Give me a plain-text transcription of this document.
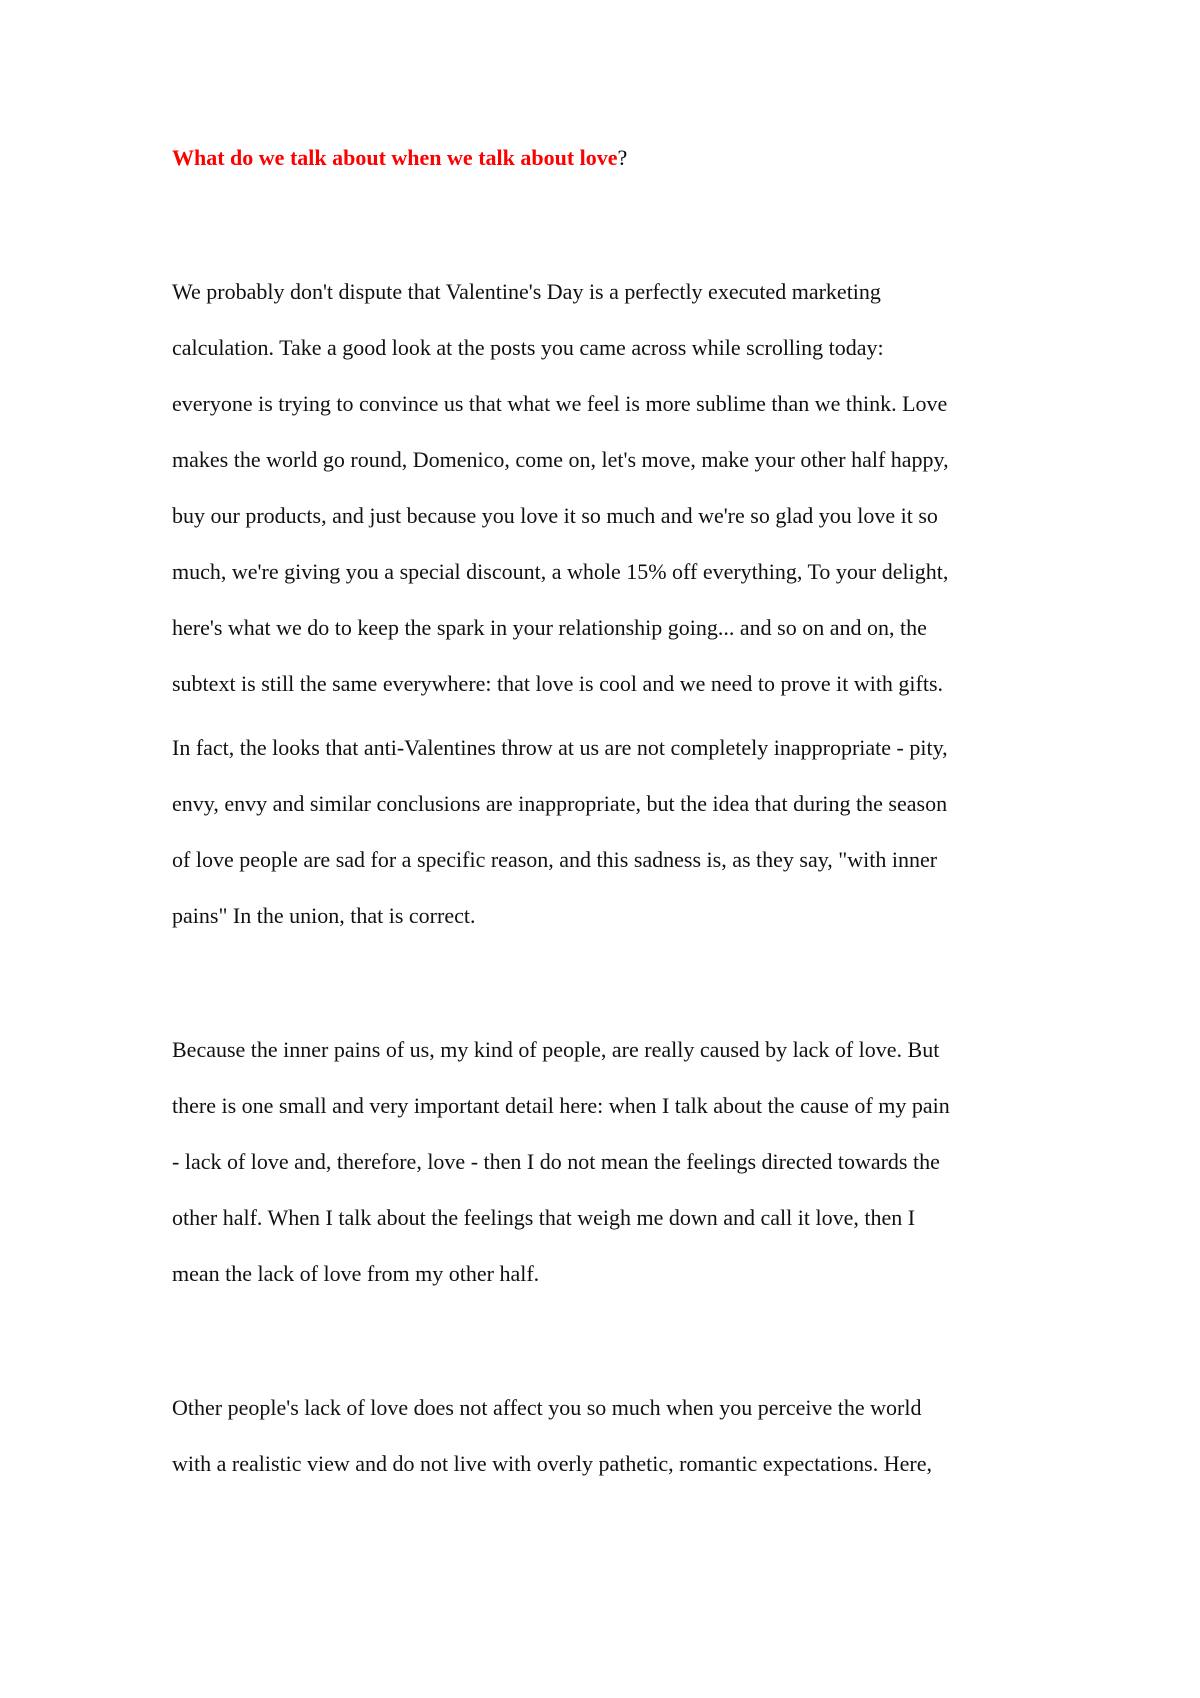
What do we talk about when we talk about love?

We probably don't dispute that Valentine's Day is a perfectly executed marketing
calculation. Take a good look at the posts you came across while scrolling today:
everyone is trying to convince us that what we feel is more sublime than we think. Love
makes the world go round, Domenico, come on, let's move, make your other half happy,
buy our products, and just because you love it so much and we're so glad you love it so
much, we're giving you a special discount, a whole 15% off everything, To your delight,
here's what we do to keep the spark in your relationship going... and so on and on, the
subtext is still the same everywhere: that love is cool and we need to prove it with gifts.
In fact, the looks that anti-Valentines throw at us are not completely inappropriate - pity,
envy, envy and similar conclusions are inappropriate, but the idea that during the season
of love people are sad for a specific reason, and this sadness is, as they say, "with inner
pains" In the union, that is correct.
Because the inner pains of us, my kind of people, are really caused by lack of love. But
there is one small and very important detail here: when I talk about the cause of my pain
- lack of love and, therefore, love - then I do not mean the feelings directed towards the
other half. When I talk about the feelings that weigh me down and call it love, then I
mean the lack of love from my other half.
Other people's lack of love does not affect you so much when you perceive the world
with a realistic view and do not live with overly pathetic, romantic expectations. Here,
